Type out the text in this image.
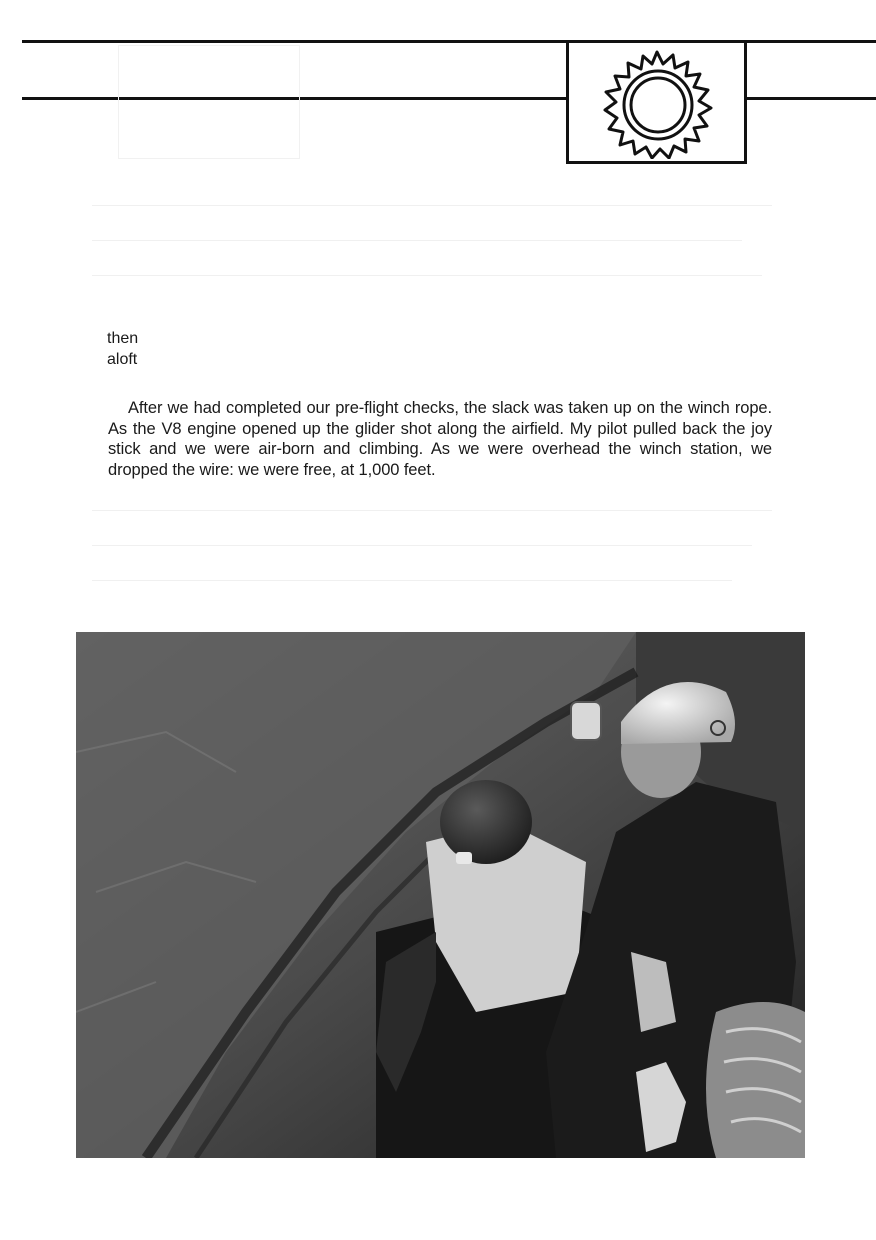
then
aloft

After we had completed our pre-flight checks, the slack was taken up on the winch rope. As the V8 engine opened up the glider shot along the airfield. My pilot pulled back the joy stick and we were air-born and climbing. As we were overhead the winch station, we dropped the wire: we were free, at 1,000 feet.
